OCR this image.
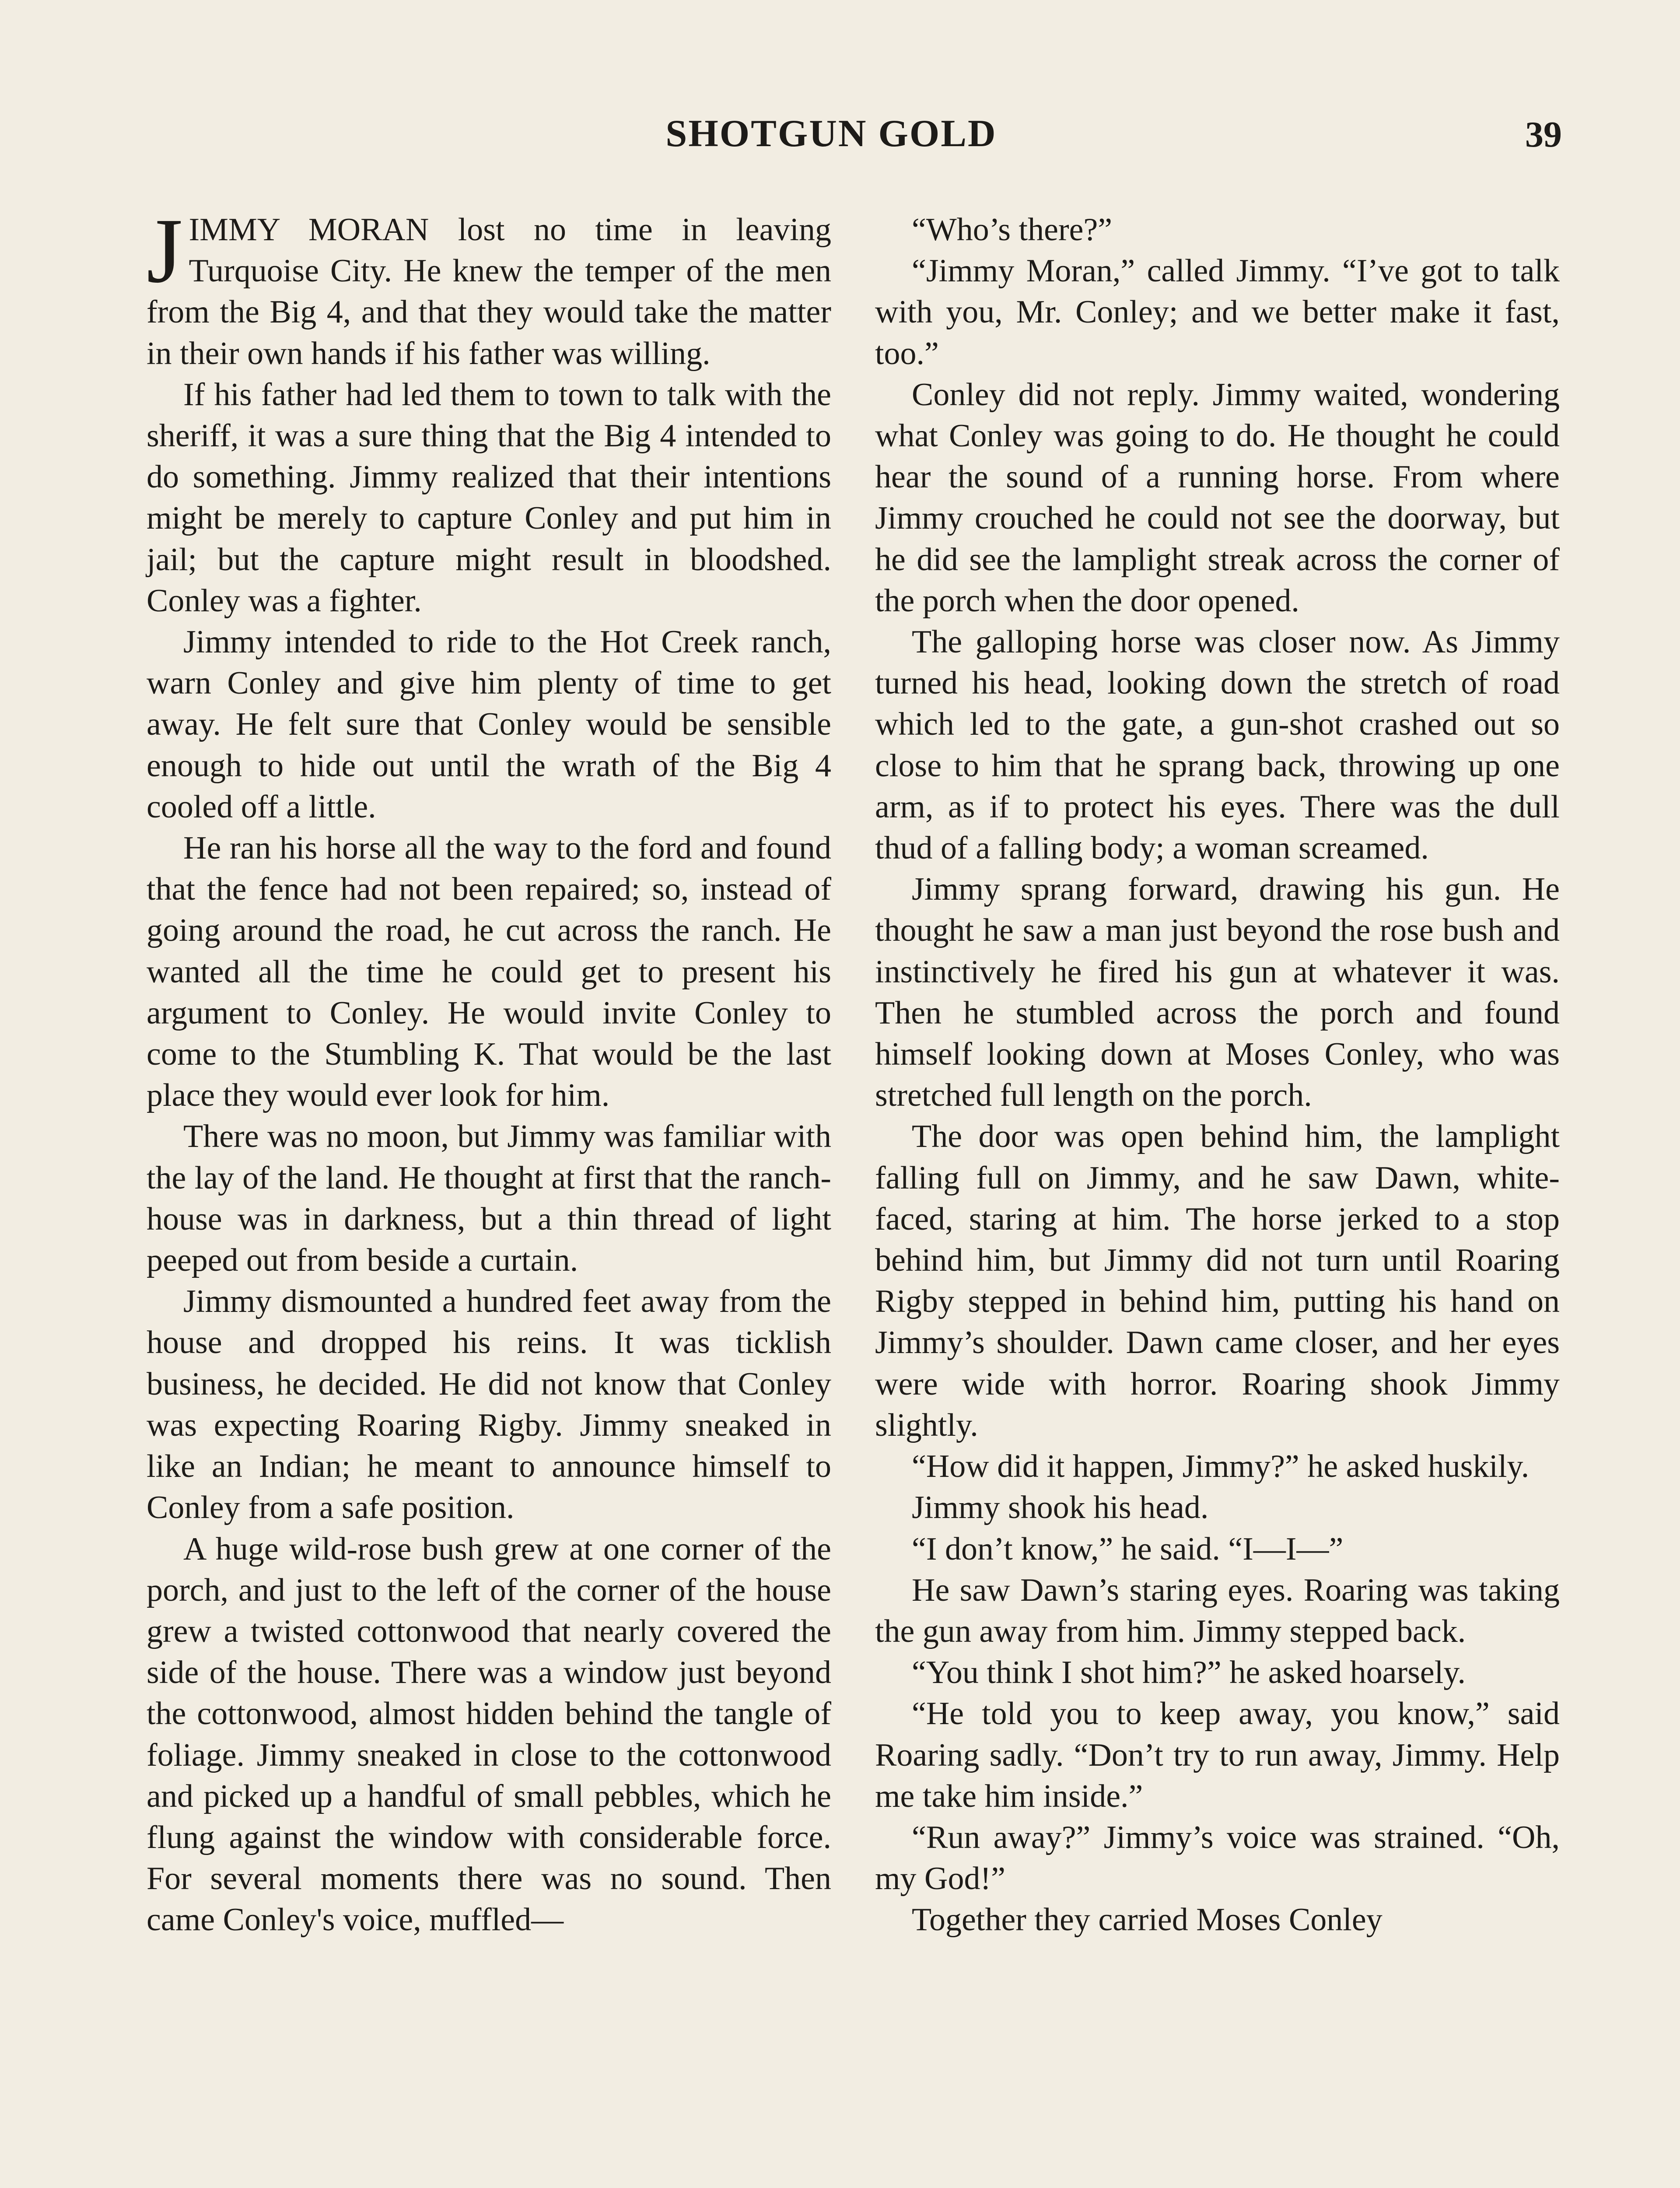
SHOTGUN GOLD	39

JIMMY MORAN lost no time in leaving Turquoise City. He knew the temper of the men from the Big 4, and that they would take the matter in their own hands if his father was willing.

If his father had led them to town to talk with the sheriff, it was a sure thing that the Big 4 intended to do something. Jimmy realized that their intentions might be merely to capture Conley and put him in jail; but the capture might result in bloodshed. Conley was a fighter.

Jimmy intended to ride to the Hot Creek ranch, warn Conley and give him plenty of time to get away. He felt sure that Conley would be sensible enough to hide out until the wrath of the Big 4 cooled off a little.

He ran his horse all the way to the ford and found that the fence had not been repaired; so, instead of going around the road, he cut across the ranch. He wanted all the time he could get to present his argument to Conley. He would invite Conley to come to the Stumbling K. That would be the last place they would ever look for him.

There was no moon, but Jimmy was familiar with the lay of the land. He thought at first that the ranch-house was in darkness, but a thin thread of light peeped out from beside a curtain.

Jimmy dismounted a hundred feet away from the house and dropped his reins. It was ticklish business, he decided. He did not know that Conley was expecting Roaring Rigby. Jimmy sneaked in like an Indian; he meant to announce himself to Conley from a safe position.

A huge wild-rose bush grew at one corner of the porch, and just to the left of the corner of the house grew a twisted cottonwood that nearly covered the side of the house. There was a window just beyond the cottonwood, almost hidden behind the tangle of foliage. Jimmy sneaked in close to the cottonwood and picked up a handful of small pebbles, which he flung against the window with considerable force. For several moments there was no sound. Then came Conley's voice, muffled—

“Who’s there?”

“Jimmy Moran,” called Jimmy. “I’ve got to talk with you, Mr. Conley; and we better make it fast, too.”

Conley did not reply. Jimmy waited, wondering what Conley was going to do. He thought he could hear the sound of a running horse. From where Jimmy crouched he could not see the doorway, but he did see the lamplight streak across the corner of the porch when the door opened.

The galloping horse was closer now. As Jimmy turned his head, looking down the stretch of road which led to the gate, a gun-shot crashed out so close to him that he sprang back, throwing up one arm, as if to protect his eyes. There was the dull thud of a falling body; a woman screamed.

Jimmy sprang forward, drawing his gun. He thought he saw a man just beyond the rose bush and instinctively he fired his gun at whatever it was. Then he stumbled across the porch and found himself looking down at Moses Conley, who was stretched full length on the porch.

The door was open behind him, the lamplight falling full on Jimmy, and he saw Dawn, white-faced, staring at him. The horse jerked to a stop behind him, but Jimmy did not turn until Roaring Rigby stepped in behind him, putting his hand on Jimmy’s shoulder. Dawn came closer, and her eyes were wide with horror. Roaring shook Jimmy slightly.

“How did it happen, Jimmy?” he asked huskily.

Jimmy shook his head.

“I don’t know,” he said. “I—I—”

He saw Dawn’s staring eyes. Roaring was taking the gun away from him. Jimmy stepped back.

“You think I shot him?” he asked hoarsely.

“He told you to keep away, you know,” said Roaring sadly. “Don’t try to run away, Jimmy. Help me take him inside.”

“Run away?” Jimmy’s voice was strained. “Oh, my God!”

Together they carried Moses Conley
